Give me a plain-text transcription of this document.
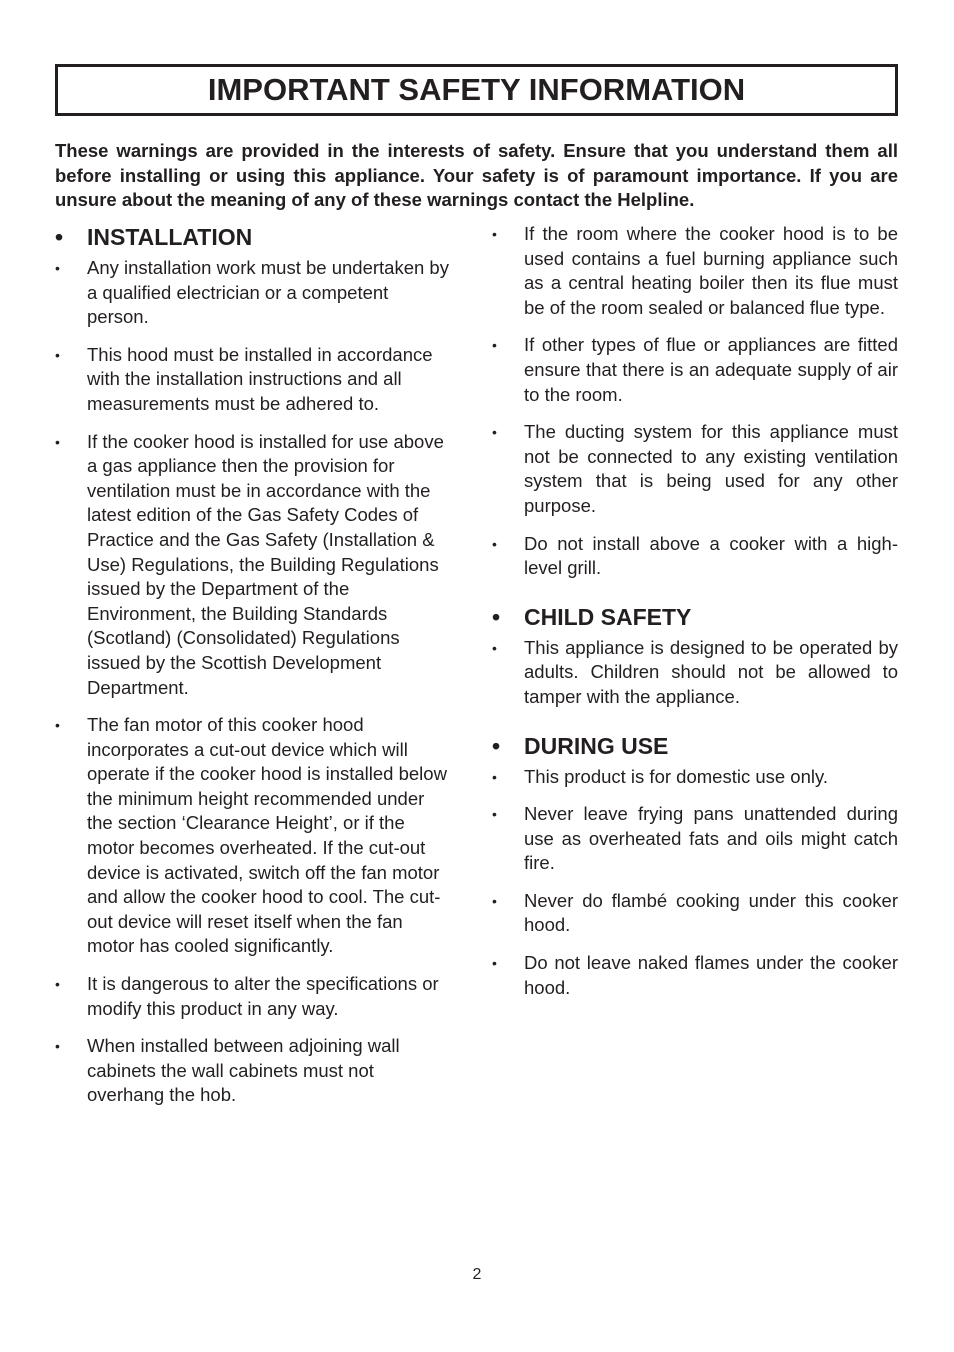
IMPORTANT SAFETY INFORMATION

These warnings are provided in the interests of safety. Ensure that you understand them all before installing or using this appliance. Your safety is of paramount importance. If you are unsure about the meaning of any of these warnings contact the Helpline.

• INSTALLATION
• Any installation work must be undertaken by a qualified electrician or a competent person.
• This hood must be installed in accordance with the installation instructions and all measurements must be adhered to.
• If the cooker hood is installed for use above a gas appliance then the provision for ventilation must be in accordance with the latest edition of the Gas Safety Codes of Practice and the Gas Safety (Installation & Use) Regulations, the Building Regulations issued by the Department of the Environment, the Building Standards (Scotland) (Consolidated) Regulations issued by the Scottish Development Department.
• The fan motor of this cooker hood incorporates a cut-out device which will operate if the cooker hood is installed below the minimum height recommended under the section ‘Clearance Height’, or if the motor becomes overheated. If the cut-out device is activated, switch off the fan motor and allow the cooker hood to cool. The cut-out device will reset itself when the fan motor has cooled significantly.
• It is dangerous to alter the specifications or modify this product in any way.
• When installed between adjoining wall cabinets the wall cabinets must not overhang the hob.
• If the room where the cooker hood is to be used contains a fuel burning appliance such as a central heating boiler then its flue must be of the room sealed or balanced flue type.
• If other types of flue or appliances are fitted ensure that there is an adequate supply of air to the room.
• The ducting system for this appliance must not be connected to any existing ventilation system that is being used for any other purpose.
• Do not install above a cooker with a high-level grill.
• CHILD SAFETY
• This appliance is designed to be operated by adults. Children should not be allowed to tamper with the appliance.
• DURING USE
• This product is for domestic use only.
• Never leave frying pans unattended during use as overheated fats and oils might catch fire.
• Never do flambé cooking under this cooker hood.
• Do not leave naked flames under the cooker hood.
2
